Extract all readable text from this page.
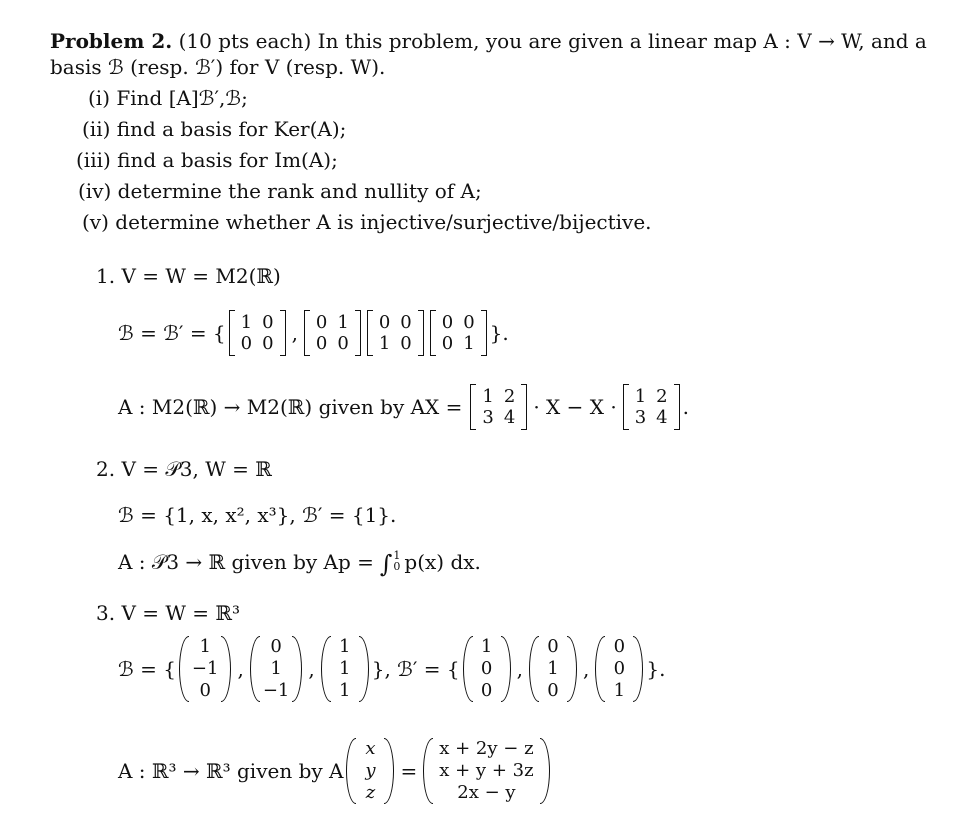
Problem 2. (10 pts each) In this problem, you are given a linear map A : V → W, and a
basis ℬ (resp. ℬ′) for V (resp. W).
(i) Find [A]ℬ′,ℬ;
(ii) find a basis for Ker(A);
(iii) find a basis for Im(A);
(iv) determine the rank and nullity of A;
(v) determine whether A is injective/surjective/bijective.
1. V = W = M2(ℝ)
ℬ = ℬ′ = { 1 0
0 0 , 0 1
0 0
0 0
1 0
0 0
0 1 }.
A : M2(ℝ) → M2(ℝ) given by AX = 1 2
3 4 · X − X · 1 2
3 4 .
2. V = 𝒫3, W = ℝ
ℬ = {1, x, x², x³}, ℬ′ = {1}.
A : 𝒫3 → ℝ given by Ap = ∫ 1
0 p(x) dx.
3. V = W = ℝ³
ℬ = {
1
−1
0
,
0
1
−1
,
1
1
1
}, ℬ′ = {
1
0
0
,
0
1
0
,
0
0
1
}.
A : ℝ³ → ℝ³ given by A
x
y
z
=
x + 2y − z
x + y + 3z
2x − y
